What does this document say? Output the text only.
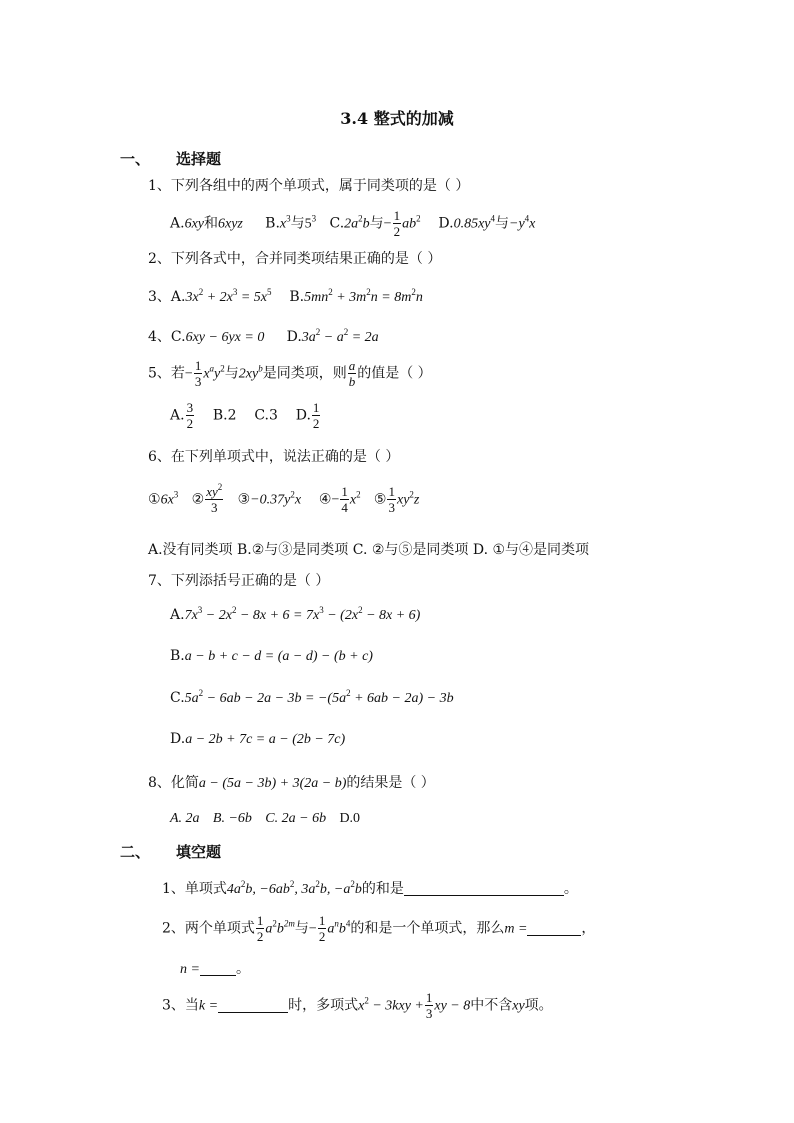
3.4 整式的加减
一、 选择题
1、下列各组中的两个单项式，属于同类项的是（ ）
A.6xy和6xyz $B.x^3$与$5^3$ $C.2a^2b$与− $\frac{1}{2} ab^2$ $D.0.85xy^4$与$-y^4x$
2、下列各式中，合并同类项结果正确的是（ ）
3、$A.3x^2 + 2x^3 = 5x^5$ $B.5mn^2 + 3m^2n = 8m^2n$
4、C.6xy − 6yx = 0 $D.3a^2 - a^2 = 2a$
5、若− $\frac{1}{3} x^ay^2$与$2xy^b$是同类项，则 $\frac{a}{b}$ 的值是（ ）
A. $\frac{3}{2} B.2$ C.3 D. $\frac{1}{2}$
6、在下列单项式中，说法正确的是（ ）
$①6x^3$ ② $\frac{xy^2}{3}$ $③-0.37y^2x$ ④− $\frac{1}{4} x^2$ ⑤ $\frac{1}{3} xy^2z$
A.没有同类项 B.②与③是同类项 C. ②与⑤是同类项 D. ①与④是同类项
7、下列添括号正确的是（ ）
$A.7x^3 - 2x^2 - 8x + 6 = 7x^3 - (2x^2 - 8x + 6)$
B.a − b + c − d = (a − d) − (b + c)
$C.5a^2 - 6ab - 2a - 3b = -(5a^2 + 6ab - 2a) - 3b$
D.a − 2b + 7c = a − (2b − 7c)
8、化简a − (5a − 3b) + 3(2a − b)的结果是（ ）
A. 2a B. −6b C. 2a − 6b D.0
二、 填空题
1、单项式$4a^2b$, $-6ab^2$, $3a^2b$, $-a^2b$的和是	。
2、两个单项式 $\frac{1}{2} a^2b^{2m}$与− $\frac{1}{2} a^nb^4$的和是一个单项式，那么m =	，
n =	。
3、当k =	时，多项式$x^2 - 3kxy + \frac{1}{3}$ xy − 8中不含xy项。
